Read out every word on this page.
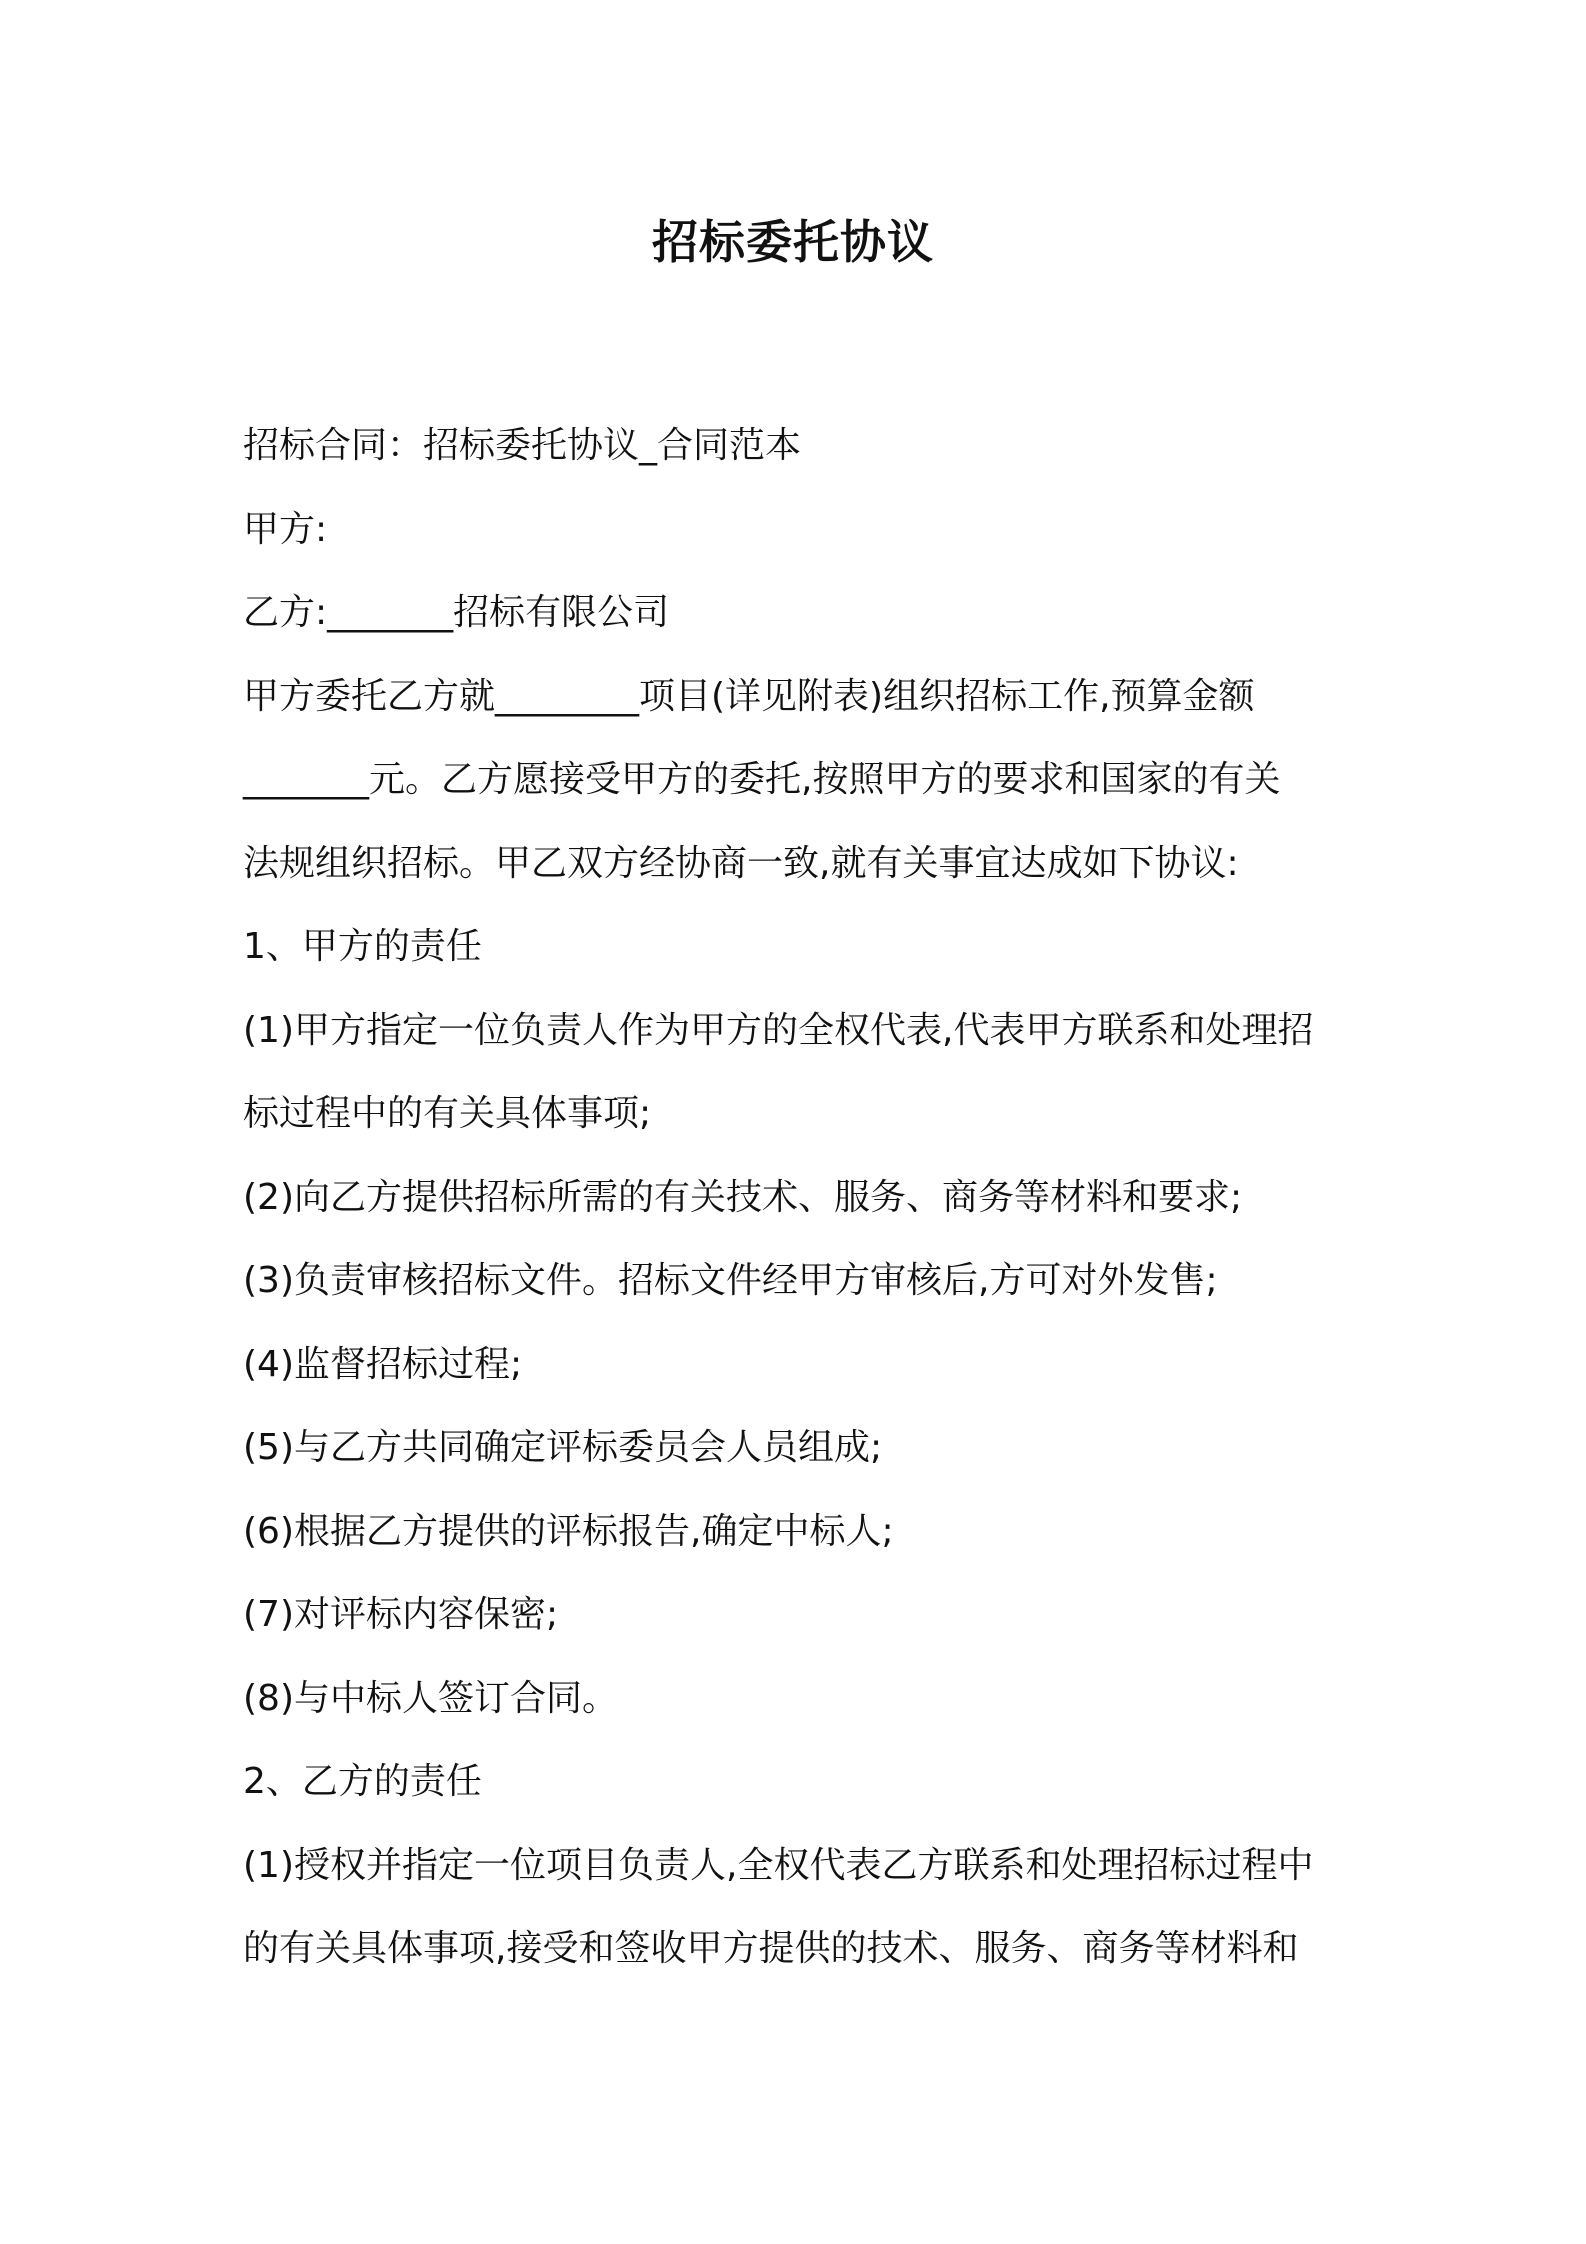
招标委托协议

招标合同：招标委托协议_合同范本

甲方:

乙方:_______招标有限公司

甲方委托乙方就________项目(详见附表)组织招标工作,预算金额

_______元。乙方愿接受甲方的委托,按照甲方的要求和国家的有关

法规组织招标。甲乙双方经协商一致,就有关事宜达成如下协议:

1、甲方的责任

(1)甲方指定一位负责人作为甲方的全权代表,代表甲方联系和处理招

标过程中的有关具体事项;

(2)向乙方提供招标所需的有关技术、服务、商务等材料和要求;

(3)负责审核招标文件。招标文件经甲方审核后,方可对外发售;

(4)监督招标过程;

(5)与乙方共同确定评标委员会人员组成;

(6)根据乙方提供的评标报告,确定中标人;

(7)对评标内容保密;

(8)与中标人签订合同。

2、乙方的责任

(1)授权并指定一位项目负责人,全权代表乙方联系和处理招标过程中

的有关具体事项,接受和签收甲方提供的技术、服务、商务等材料和
